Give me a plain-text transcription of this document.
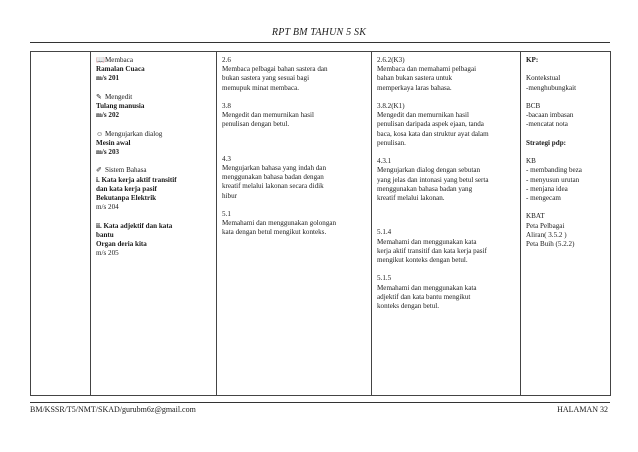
RPT BM TAHUN 5 SK

📖Membaca
Ramalan Cuaca
m/s 201
✎ Mengedit
Tulang manusia
m/s 202
☺ Mengujarkan dialog
Mesin awal
m/s 203
✐ Sistem Bahasa
i. Kata kerja aktif transitif
dan kata kerja pasif
Bekutanpa Elektrik
m/s 204
ii. Kata adjektif dan kata
bantu
Organ deria kita
m/s 205

2.6
Membaca pelbagai bahan sastera dan
bukan sastera yang sesuai bagi
memupuk minat membaca.
3.8
Mengedit dan memurnikan hasil
penulisan dengan betul.
4.3
Mengujarkan bahasa yang indah dan
menggunakan bahasa badan dengan
kreatif melalui lakonan secara didik
hibur
5.1
Memahami dan menggunakan golongan
kata dengan betul mengikut konteks.

2.6.2(K3)
Membaca dan memahami pelbagai
bahan bukan sastera untuk
memperkaya laras bahasa.
3.8.2(K1)
Mengedit dan memurnikan hasil
penulisan daripada aspek ejaan, tanda
baca, kosa kata dan struktur ayat dalam
penulisan.
4.3.1
Mengujarkan dialog dengan sebutan
yang jelas dan intonasi yang betul serta
menggunakan bahasa badan yang
kreatif melalui lakonan.
5.1.4
Memahami dan menggunakan kata
kerja aktif transitif dan kata kerja pasif
mengikut konteks dengan betul.
5.1.5
Memahami dan menggunakan kata
adjektif dan kata bantu mengikut
konteks dengan betul.

KP:
Kontekstual
-menghubungkait
BCB
-bacaan imbasan
-mencatat nota
Strategi pdp:
KB
- membanding beza
- menyusun urutan
- menjana idea
- mengecam
KBAT
Peta Pelbagai
Aliran( 3.5.2 )
Peta Buih (5.2.2)
BM/KSSR/T5/NMT/SKAD/gurubm6z@gmail.com	HALAMAN 32
